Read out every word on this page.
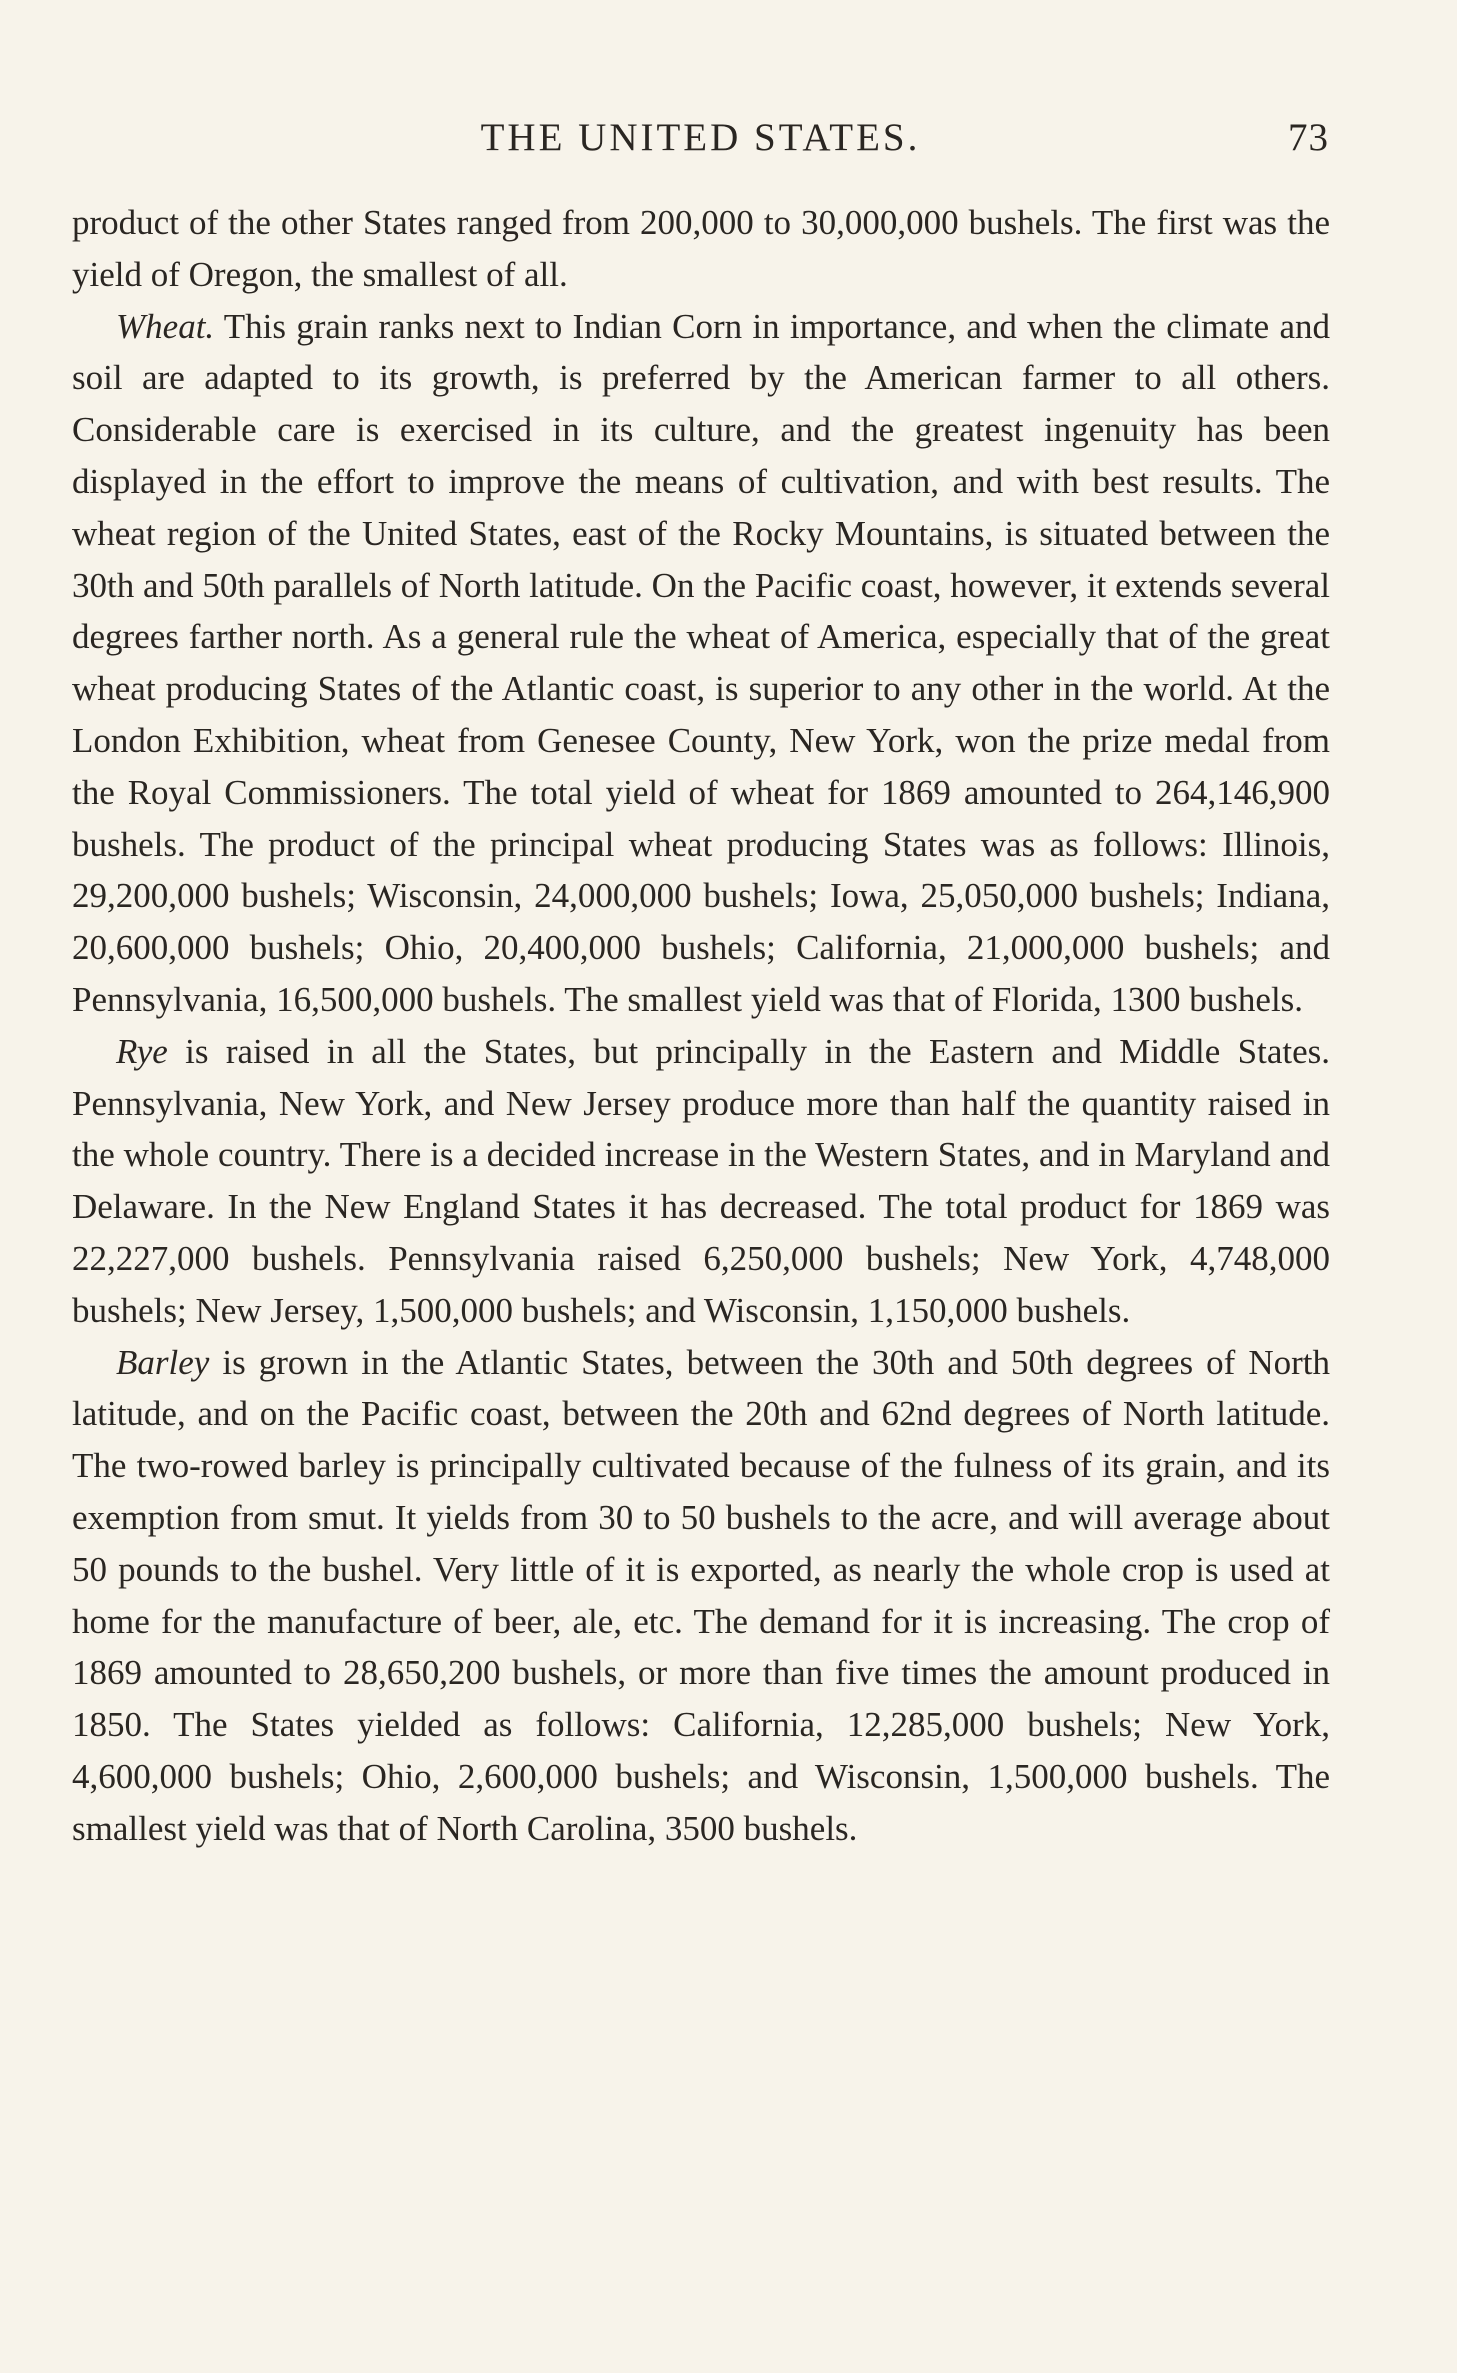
THE UNITED STATES.	73

product of the other States ranged from 200,000 to 30,000,000 bushels. The first was the yield of Oregon, the smallest of all.

Wheat. This grain ranks next to Indian Corn in importance, and when the climate and soil are adapted to its growth, is preferred by the American farmer to all others. Considerable care is exercised in its culture, and the greatest ingenuity has been displayed in the effort to improve the means of cultivation, and with best results. The wheat region of the United States, east of the Rocky Mountains, is situated between the 30th and 50th parallels of North latitude. On the Pacific coast, however, it extends several degrees farther north. As a general rule the wheat of America, especially that of the great wheat producing States of the Atlantic coast, is superior to any other in the world. At the London Exhibition, wheat from Genesee County, New York, won the prize medal from the Royal Commissioners. The total yield of wheat for 1869 amounted to 264,146,900 bushels. The product of the principal wheat producing States was as follows: Illinois, 29,200,000 bushels; Wisconsin, 24,000,000 bushels; Iowa, 25,050,000 bushels; Indiana, 20,600,000 bushels; Ohio, 20,400,000 bushels; California, 21,000,000 bushels; and Pennsylvania, 16,500,000 bushels. The smallest yield was that of Florida, 1300 bushels.

Rye is raised in all the States, but principally in the Eastern and Middle States. Pennsylvania, New York, and New Jersey produce more than half the quantity raised in the whole country. There is a decided increase in the Western States, and in Maryland and Delaware. In the New England States it has decreased. The total product for 1869 was 22,227,000 bushels. Pennsylvania raised 6,250,000 bushels; New York, 4,748,000 bushels; New Jersey, 1,500,000 bushels; and Wisconsin, 1,150,000 bushels.

Barley is grown in the Atlantic States, between the 30th and 50th degrees of North latitude, and on the Pacific coast, between the 20th and 62nd degrees of North latitude. The two-rowed barley is principally cultivated because of the fulness of its grain, and its exemption from smut. It yields from 30 to 50 bushels to the acre, and will average about 50 pounds to the bushel. Very little of it is exported, as nearly the whole crop is used at home for the manufacture of beer, ale, etc. The demand for it is increasing. The crop of 1869 amounted to 28,650,200 bushels, or more than five times the amount produced in 1850. The States yielded as follows: California, 12,285,000 bushels; New York, 4,600,000 bushels; Ohio, 2,600,000 bushels; and Wisconsin, 1,500,000 bushels. The smallest yield was that of North Carolina, 3500 bushels.
